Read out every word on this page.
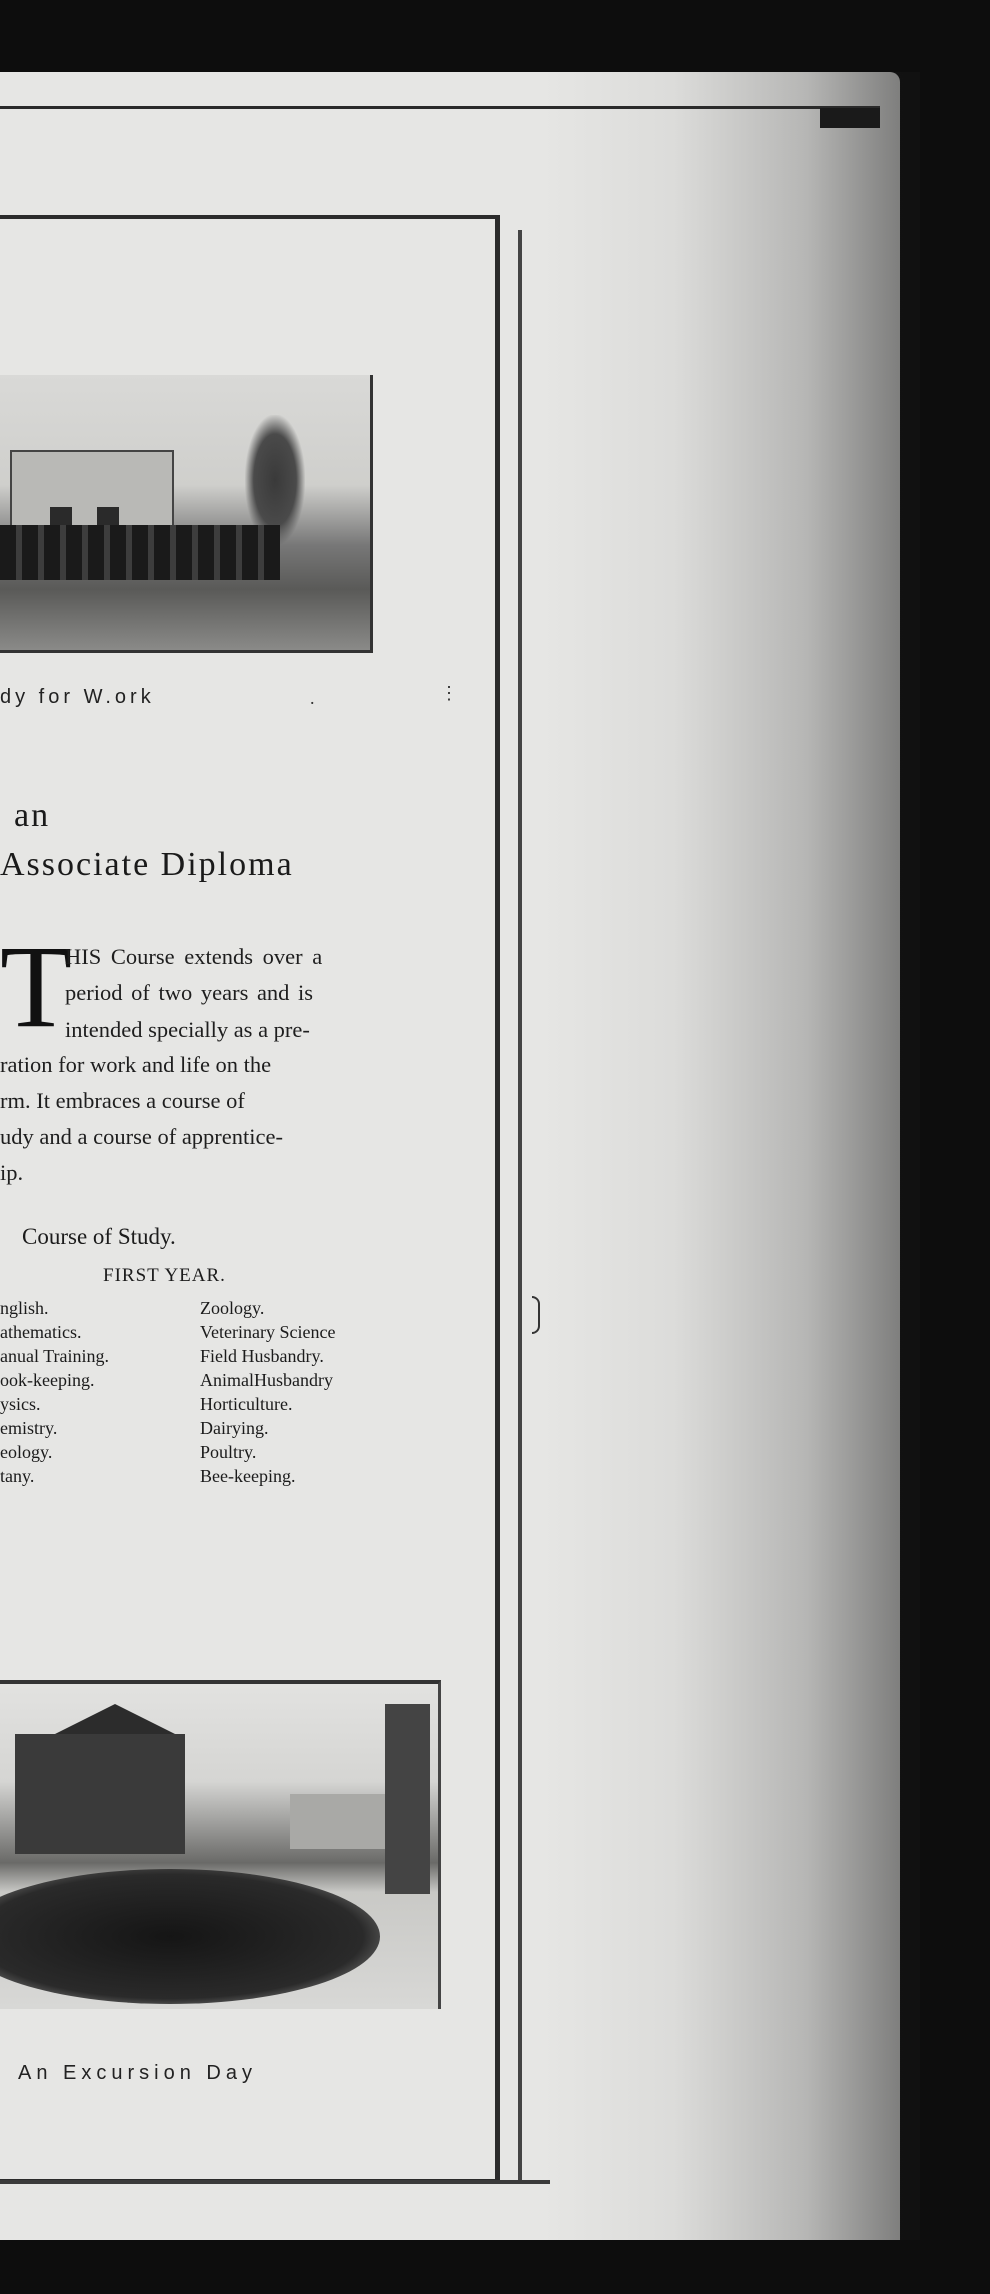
dy for W.ork	.	⋮
an
Associate Diploma
T
HIS Course extends over a
period of two years and is
intended specially as a pre-
ration for work and life on the
rm. It embraces a course of
udy and a course of apprentice-
ip.
Course of Study.
FIRST YEAR.
nglish.
athematics.
anual Training.
ook-keeping.
ysics.
emistry.
eology.
tany.
Zoology.
Veterinary Science
Field Husbandry.
AnimalHusbandry
Horticulture.
Dairying.
Poultry.
Bee-keeping.
An Excursion Day
